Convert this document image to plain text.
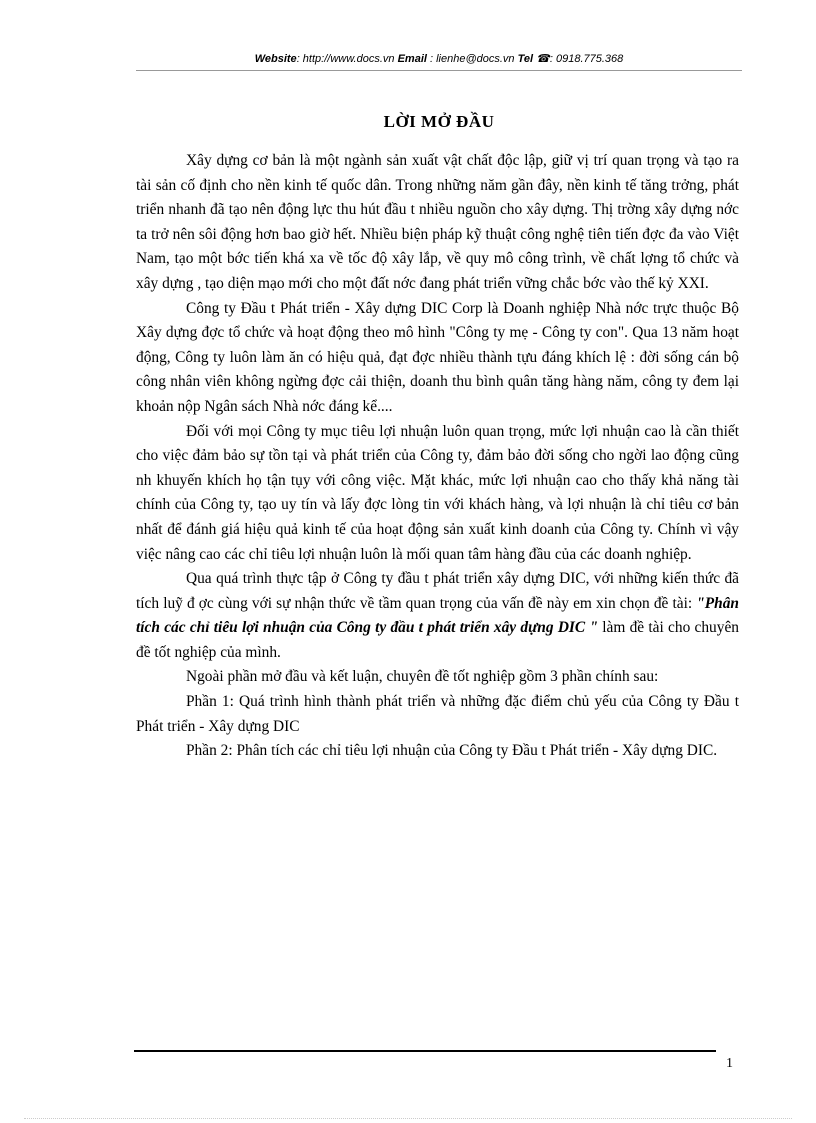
Website: http://www.docs.vn Email : lienhe@docs.vn Tel ☎: 0918.775.368
LỜI MỞ ĐẦU

Xây dựng cơ bản là một ngành sản xuất vật chất độc lập, giữ vị trí quan trọng và tạo ra tài sản cố định cho nền kinh tế quốc dân. Trong những năm gần đây, nền kinh tế tăng trởng, phát triển nhanh đã tạo nên động lực thu hút đầu t nhiều nguồn cho xây dựng. Thị trờng xây dựng nớc ta trở nên sôi động hơn bao giờ hết. Nhiều biện pháp kỹ thuật công nghệ tiên tiến đợc đa vào Việt Nam, tạo một bớc tiến khá xa về tốc độ xây lắp, về quy mô công trình, về chất lợng tổ chức và xây dựng , tạo diện mạo mới cho một đất nớc đang phát triển vững chắc bớc vào thế kỷ XXI.

Công ty Đầu t Phát triển - Xây dựng DIC Corp là Doanh nghiệp Nhà nớc trực thuộc Bộ Xây dựng đợc tổ chức và hoạt động theo mô hình "Công ty mẹ - Công ty con". Qua 13 năm hoạt động, Công ty luôn làm ăn có hiệu quả, đạt đợc nhiều thành tựu đáng khích lệ : đời sống cán bộ công nhân viên không ngừng đợc cải thiện, doanh thu bình quân tăng hàng năm, công ty đem lại khoản nộp Ngân sách Nhà nớc đáng kể....

Đối với mọi Công ty mục tiêu lợi nhuận luôn quan trọng, mức lợi nhuận cao là cần thiết cho việc đảm bảo sự tồn tại và phát triển của Công ty, đảm bảo đời sống cho ngời lao động cũng nh khuyến khích họ tận tụy với công việc. Mặt khác, mức lợi nhuận cao cho thấy khả năng tài chính của Công ty, tạo uy tín và lấy đợc lòng tin với khách hàng, và lợi nhuận là chỉ tiêu cơ bản nhất để đánh giá hiệu quả kinh tế của hoạt động sản xuất kinh doanh của Công ty. Chính vì vậy việc nâng cao các chỉ tiêu lợi nhuận luôn là mối quan tâm hàng đầu của các doanh nghiệp.

Qua quá trình thực tập ở Công ty đầu t phát triển xây dựng DIC, với những kiến thức đã tích luỹ đ ợc cùng với sự nhận thức về tầm quan trọng của vấn đề này em xin chọn đề tài: "Phân tích các chỉ tiêu lợi nhuận của Công ty đầu t phát triển xây dựng DIC " làm đề tài cho chuyên đề tốt nghiệp của mình.

Ngoài phần mở đầu và kết luận, chuyên đề tốt nghiệp gồm 3 phần chính sau:

Phần 1: Quá trình hình thành phát triển và những đặc điểm chủ yếu của Công ty Đầu t Phát triển - Xây dựng DIC

Phần 2: Phân tích các chỉ tiêu lợi nhuận của Công ty Đầu t Phát triển - Xây dựng DIC.

1
